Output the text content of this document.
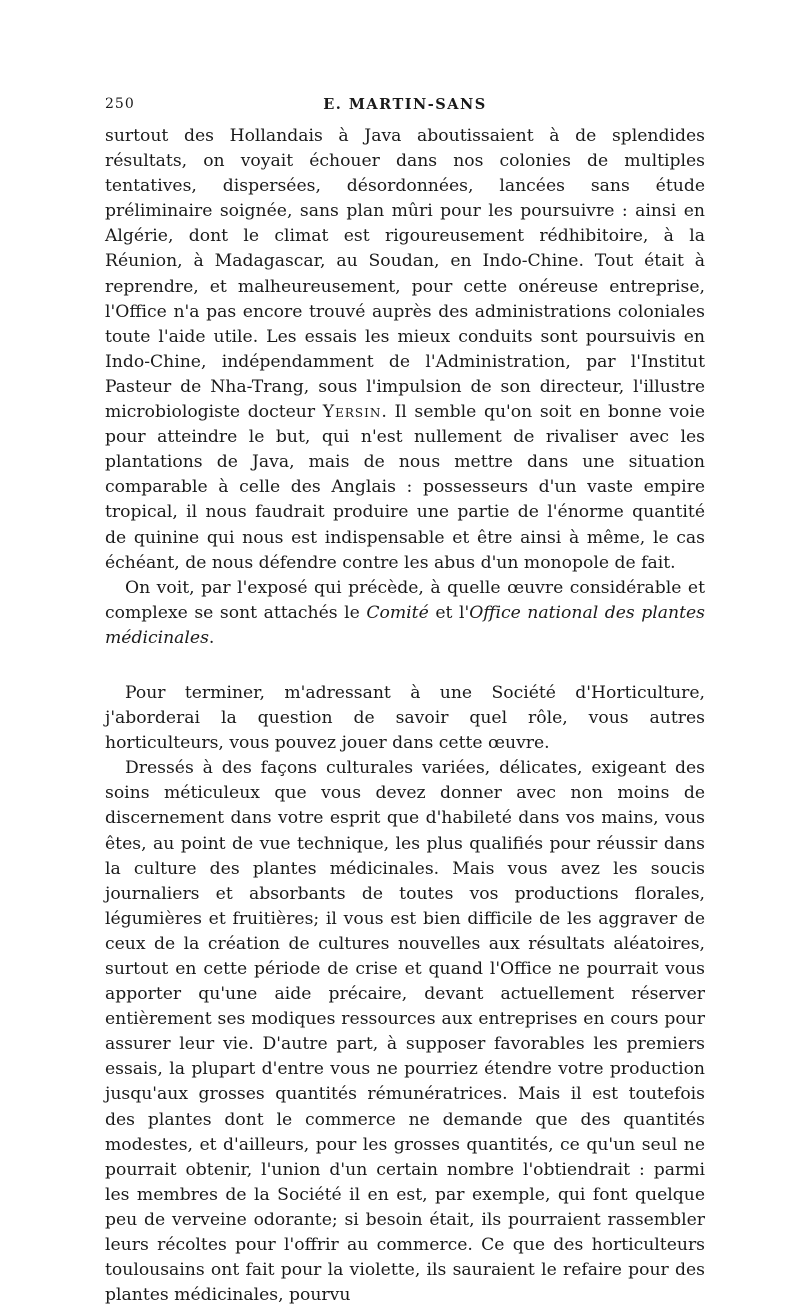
250	E. MARTIN-SANS

surtout des Hollandais à Java aboutissaient à de splendides résultats, on voyait échouer dans nos colonies de multiples tentatives, dispersées, désordonnées, lancées sans étude préliminaire soignée, sans plan mûri pour les poursuivre : ainsi en Algérie, dont le climat est rigoureusement rédhibitoire, à la Réunion, à Madagascar, au Soudan, en Indo-Chine. Tout était à reprendre, et malheureusement, pour cette onéreuse entreprise, l'Office n'a pas encore trouvé auprès des administrations coloniales toute l'aide utile. Les essais les mieux conduits sont poursuivis en Indo-Chine, indépendamment de l'Administration, par l'Institut Pasteur de Nha-Trang, sous l'impulsion de son directeur, l'illustre microbiologiste docteur Yersin. Il semble qu'on soit en bonne voie pour atteindre le but, qui n'est nullement de rivaliser avec les plantations de Java, mais de nous mettre dans une situation comparable à celle des Anglais : possesseurs d'un vaste empire tropical, il nous faudrait produire une partie de l'énorme quantité de quinine qui nous est indispensable et être ainsi à même, le cas échéant, de nous défendre contre les abus d'un monopole de fait.

On voit, par l'exposé qui précède, à quelle œuvre considérable et complexe se sont attachés le Comité et l'Office national des plantes médicinales.

Pour terminer, m'adressant à une Société d'Horticulture, j'aborderai la question de savoir quel rôle, vous autres horticulteurs, vous pouvez jouer dans cette œuvre.

Dressés à des façons culturales variées, délicates, exigeant des soins méticuleux que vous devez donner avec non moins de discernement dans votre esprit que d'habileté dans vos mains, vous êtes, au point de vue technique, les plus qualifiés pour réussir dans la culture des plantes médicinales. Mais vous avez les soucis journaliers et absorbants de toutes vos productions florales, légumières et fruitières; il vous est bien difficile de les aggraver de ceux de la création de cultures nouvelles aux résultats aléatoires, surtout en cette période de crise et quand l'Office ne pourrait vous apporter qu'une aide précaire, devant actuellement réserver entièrement ses modiques ressources aux entreprises en cours pour assurer leur vie. D'autre part, à supposer favorables les premiers essais, la plupart d'entre vous ne pourriez étendre votre production jusqu'aux grosses quantités rémunératrices. Mais il est toutefois des plantes dont le commerce ne demande que des quantités modestes, et d'ailleurs, pour les grosses quantités, ce qu'un seul ne pourrait obtenir, l'union d'un certain nombre l'obtiendrait : parmi les membres de la Société il en est, par exemple, qui font quelque peu de verveine odorante; si besoin était, ils pourraient rassembler leurs récoltes pour l'offrir au commerce. Ce que des horticulteurs toulousains ont fait pour la violette, ils sauraient le refaire pour des plantes médicinales, pourvu
